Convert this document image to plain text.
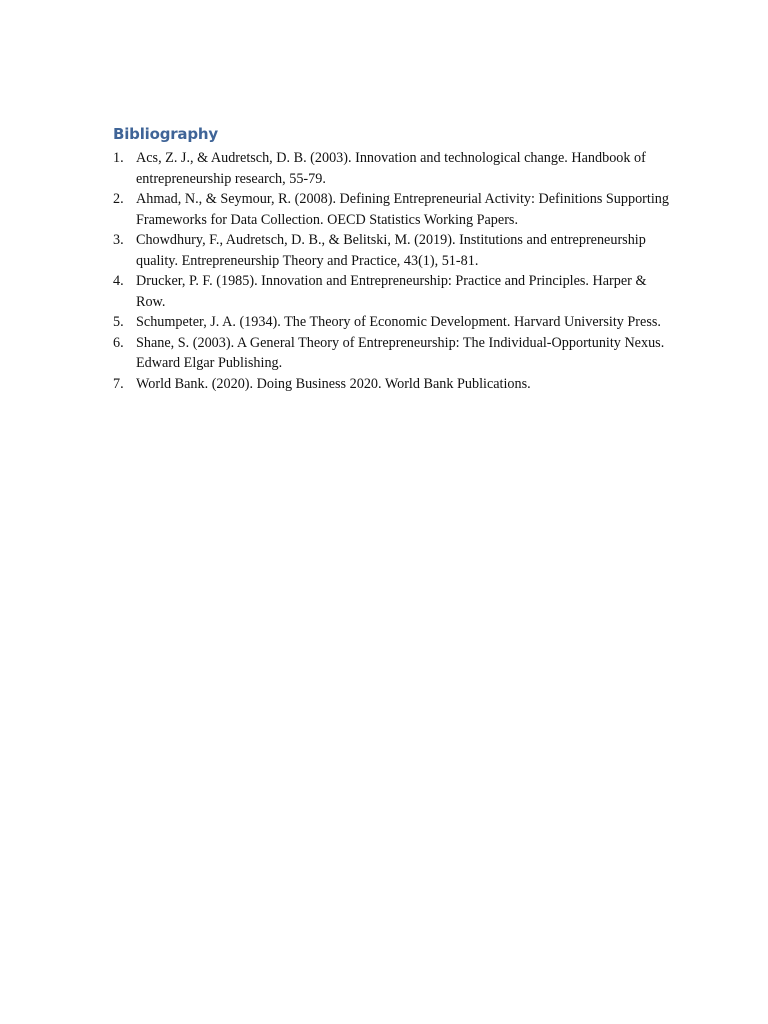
Bibliography
1. Acs, Z. J., & Audretsch, D. B. (2003). Innovation and technological change. Handbook of entrepreneurship research, 55-79.
2. Ahmad, N., & Seymour, R. (2008). Defining Entrepreneurial Activity: Definitions Supporting Frameworks for Data Collection. OECD Statistics Working Papers.
3. Chowdhury, F., Audretsch, D. B., & Belitski, M. (2019). Institutions and entrepreneurship quality. Entrepreneurship Theory and Practice, 43(1), 51-81.
4. Drucker, P. F. (1985). Innovation and Entrepreneurship: Practice and Principles. Harper & Row.
5. Schumpeter, J. A. (1934). The Theory of Economic Development. Harvard University Press.
6. Shane, S. (2003). A General Theory of Entrepreneurship: The Individual-Opportunity Nexus. Edward Elgar Publishing.
7. World Bank. (2020). Doing Business 2020. World Bank Publications.
